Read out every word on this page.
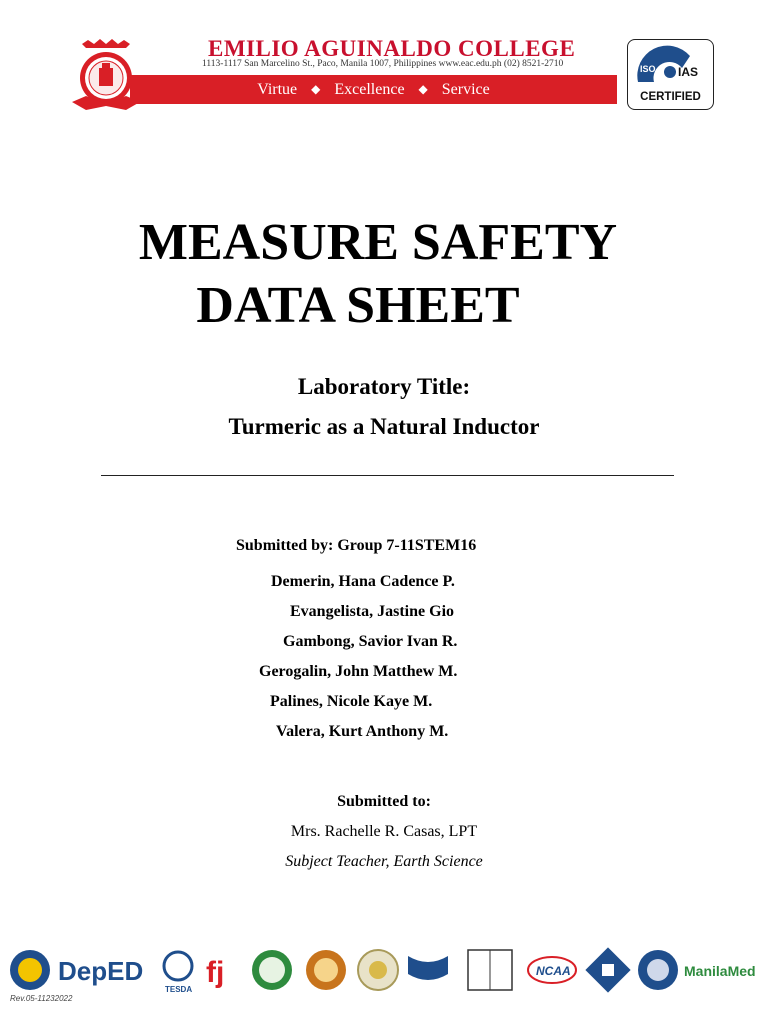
EMILIO AGUINALDO COLLEGE
1113-1117 San Marcelino St., Paco, Manila 1007, Philippines www.eac.edu.ph (02) 8521-2710
Virtue ◆ Excellence ◆ Service
ISO IAS
CERTIFIED
MEASURE SAFETY
DATA SHEET
Laboratory Title:
Turmeric as a Natural Inductor
Submitted by: Group 7-11STEM16
Demerin, Hana Cadence P.
Evangelista, Jastine Gio
Gambong, Savior Ivan R.
Gerogalin, John Matthew M.
Palines, Nicole Kaye M.
Valera, Kurt Anthony M.
Submitted to:
Mrs. Rachelle R. Casas, LPT
Subject Teacher, Earth Science
DepED
TESDA
fj	NCAA	ManilaMed
Rev.05-11232022
